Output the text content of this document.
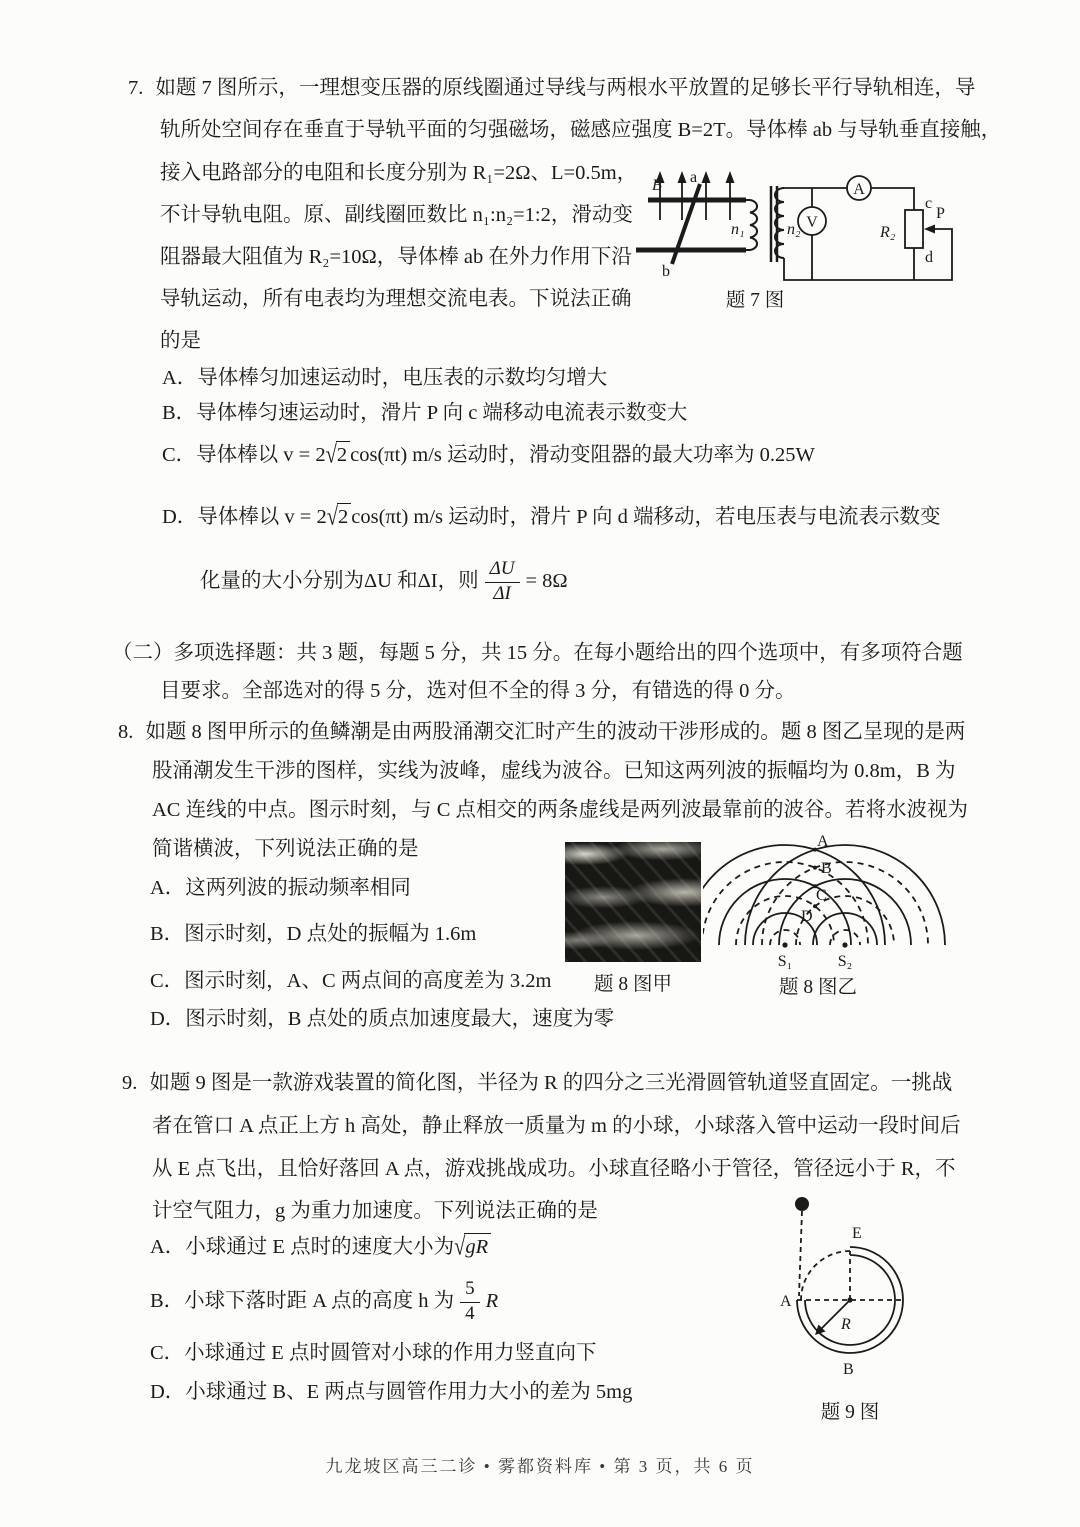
7. 如题 7 图所示，一理想变压器的原线圈通过导线与两根水平放置的足够长平行导轨相连，导
轨所处空间存在垂直于导轨平面的匀强磁场，磁感应强度 B=2T。导体棒 ab 与导轨垂直接触，
接入电路部分的电阻和长度分别为 R₁=2Ω、L=0.5m，
不计导轨电阻。原、副线圈匝数比 n₁:n₂=1:2，滑动变
阻器最大阻值为 R₂=10Ω，导体棒 ab 在外力作用下沿
导轨运动，所有电表均为理想交流电表。下说法正确
的是
A．导体棒匀加速运动时，电压表的示数均匀增大
B．导体棒匀速运动时，滑片 P 向 c 端移动电流表示数变大
C．导体棒以 v = 2√2 cos(πt) m/s 运动时，滑动变阻器的最大功率为 0.25W
D．导体棒以 v = 2√2 cos(πt) m/s 运动时，滑片 P 向 d 端移动，若电压表与电流表示数变
化量的大小分别为ΔU 和ΔI，则 $\frac{\Delta U}{\Delta I} = 8\Omega$
B a
b
n₁	n₂
A
V
R₂
c
d
P
题 7 图
（二）多项选择题：共 3 题，每题 5 分，共 15 分。在每小题给出的四个选项中，有多项符合题
目要求。全部选对的得 5 分，选对但不全的得 3 分，有错选的得 0 分。
8. 如题 8 图甲所示的鱼鳞潮是由两股涌潮交汇时产生的波动干涉形成的。题 8 图乙呈现的是两
股涌潮发生干涉的图样，实线为波峰，虚线为波谷。已知这两列波的振幅均为 0.8m，B 为
AC 连线的中点。图示时刻，与 C 点相交的两条虚线是两列波最靠前的波谷。若将水波视为
简谐横波，下列说法正确的是
A．这两列波的振动频率相同
B．图示时刻，D 点处的振幅为 1.6m
C．图示时刻，A、C 两点间的高度差为 3.2m
D．图示时刻，B 点处的质点加速度最大，速度为零
题 8 图甲
A
B
C
D
S₁	S₂
题 8 图乙
9. 如题 9 图是一款游戏装置的简化图，半径为 R 的四分之三光滑圆管轨道竖直固定。一挑战
者在管口 A 点正上方 h 高处，静止释放一质量为 m 的小球，小球落入管中运动一段时间后
从 E 点飞出，且恰好落回 A 点，游戏挑战成功。小球直径略小于管径，管径远小于 R，不
计空气阻力，g 为重力加速度。下列说法正确的是
A．小球通过 E 点时的速度大小为√gR
B．小球下落时距 A 点的高度 h 为 $\frac{5}{4}$ R
C．小球通过 E 点时圆管对小球的作用力竖直向下
D．小球通过 B、E 两点与圆管作用力大小的差为 5mg
E
A
B
R
题 9 图
九龙坡区高三二诊 • 雾都资料库 • 第 3 页，共 6 页
